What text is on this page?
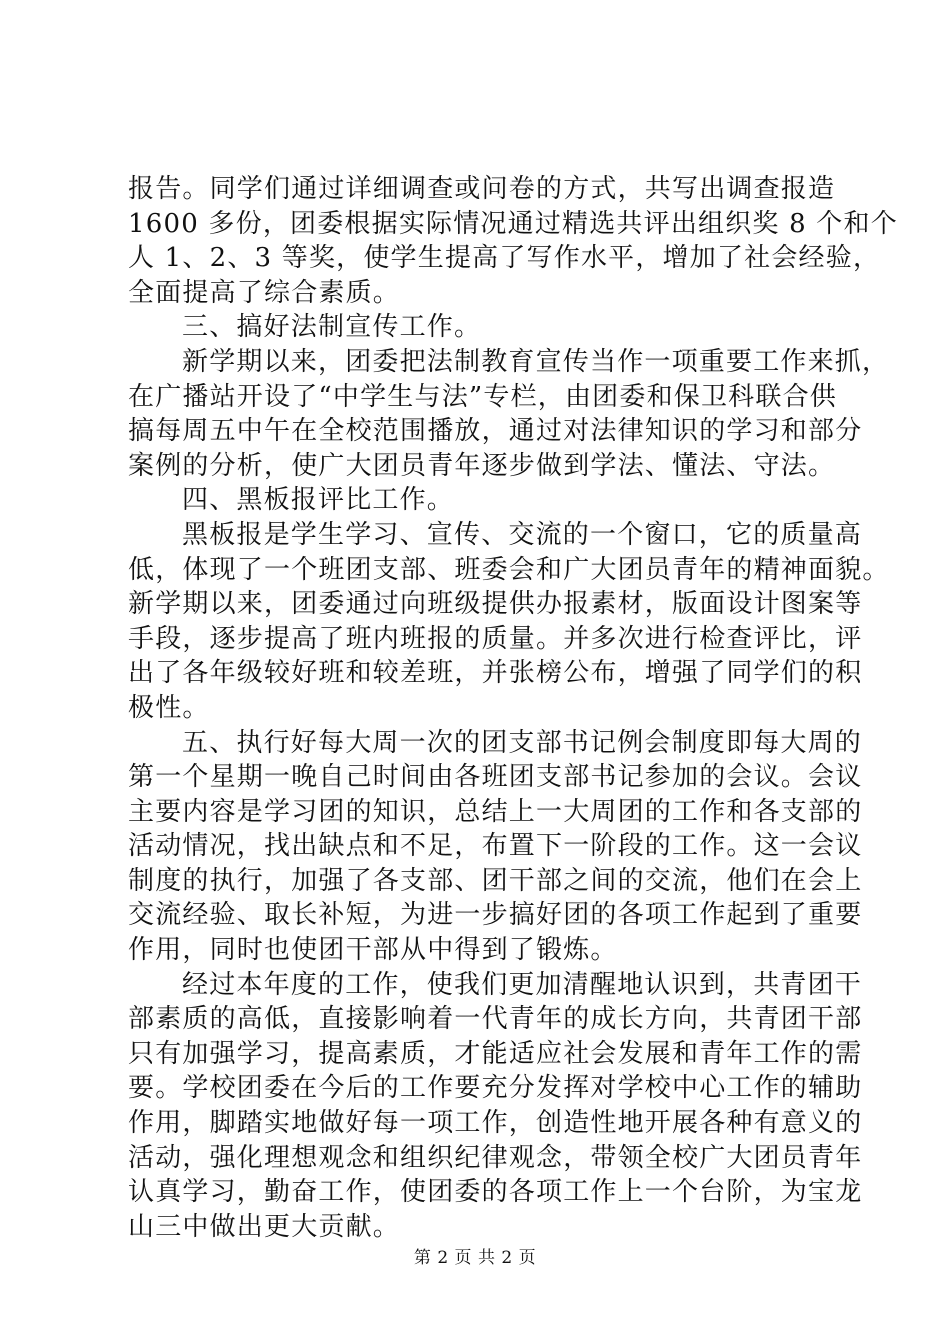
报告。同学们通过详细调查或问卷的方式，共写出调查报造
1600 多份，团委根据实际情况通过精选共评出组织奖 8 个和个
人 1、2、3 等奖，使学生提高了写作水平，增加了社会经验，
全面提高了综合素质。
三、搞好法制宣传工作。
新学期以来，团委把法制教育宣传当作一项重要工作来抓，
在广播站开设了“中学生与法”专栏，由团委和保卫科联合供
搞每周五中午在全校范围播放，通过对法律知识的学习和部分
案例的分析，使广大团员青年逐步做到学法、懂法、守法。
四、黑板报评比工作。
黑板报是学生学习、宣传、交流的一个窗口，它的质量高
低，体现了一个班团支部、班委会和广大团员青年的精神面貌。
新学期以来，团委通过向班级提供办报素材，版面设计图案等
手段，逐步提高了班内班报的质量。并多次进行检查评比，评
出了各年级较好班和较差班，并张榜公布，增强了同学们的积
极性。
五、执行好每大周一次的团支部书记例会制度即每大周的
第一个星期一晚自己时间由各班团支部书记参加的会议。会议
主要内容是学习团的知识，总结上一大周团的工作和各支部的
活动情况，找出缺点和不足，布置下一阶段的工作。这一会议
制度的执行，加强了各支部、团干部之间的交流，他们在会上
交流经验、取长补短，为进一步搞好团的各项工作起到了重要
作用，同时也使团干部从中得到了锻炼。
经过本年度的工作，使我们更加清醒地认识到，共青团干
部素质的高低，直接影响着一代青年的成长方向，共青团干部
只有加强学习，提高素质，才能适应社会发展和青年工作的需
要。学校团委在今后的工作要充分发挥对学校中心工作的辅助
作用，脚踏实地做好每一项工作，创造性地开展各种有意义的
活动，强化理想观念和组织纪律观念，带领全校广大团员青年
认真学习，勤奋工作，使团委的各项工作上一个台阶，为宝龙
山三中做出更大贡献。
第 2 页 共 2 页
